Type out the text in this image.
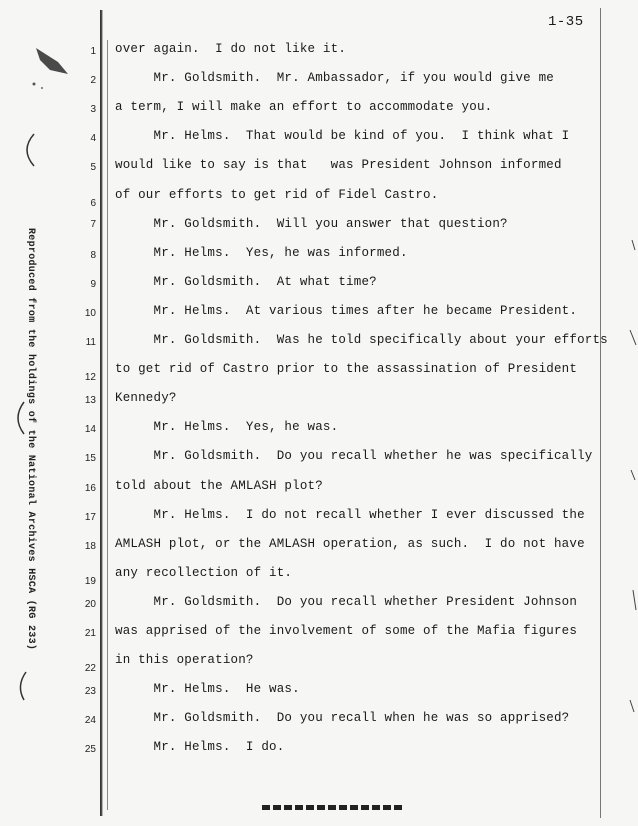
1-35
Reproduced from the holdings of the National Archives HSCA (RG 233)
1 over again.  I do not like it.
2 Mr. Goldsmith.  Mr. Ambassador, if you would give me
3 a term, I will make an effort to accommodate you.
4 Mr. Helms.  That would be kind of you.  I think what I
5 would like to say is that   was President Johnson informed
6
of our efforts to get rid of Fidel Castro.
7 Mr. Goldsmith.  Will you answer that question?
8 Mr. Helms.  Yes, he was informed.
9 Mr. Goldsmith.  At what time?
10 Mr. Helms.  At various times after he became President.
11 Mr. Goldsmith.  Was he told specifically about your efforts
12
to get rid of Castro prior to the assassination of President
13 Kennedy?
14 Mr. Helms.  Yes, he was.
15 Mr. Goldsmith.  Do you recall whether he was specifically
16 told about the AMLASH plot?
17 Mr. Helms.  I do not recall whether I ever discussed the
18 AMLASH plot, or the AMLASH operation, as such.  I do not have
19
any recollection of it.
20 Mr. Goldsmith.  Do you recall whether President Johnson
21 was apprised of the involvement of some of the Mafia figures
22
in this operation?
23 Mr. Helms.  He was.
24 Mr. Goldsmith.  Do you recall when he was so apprised?
25 Mr. Helms.  I do.
